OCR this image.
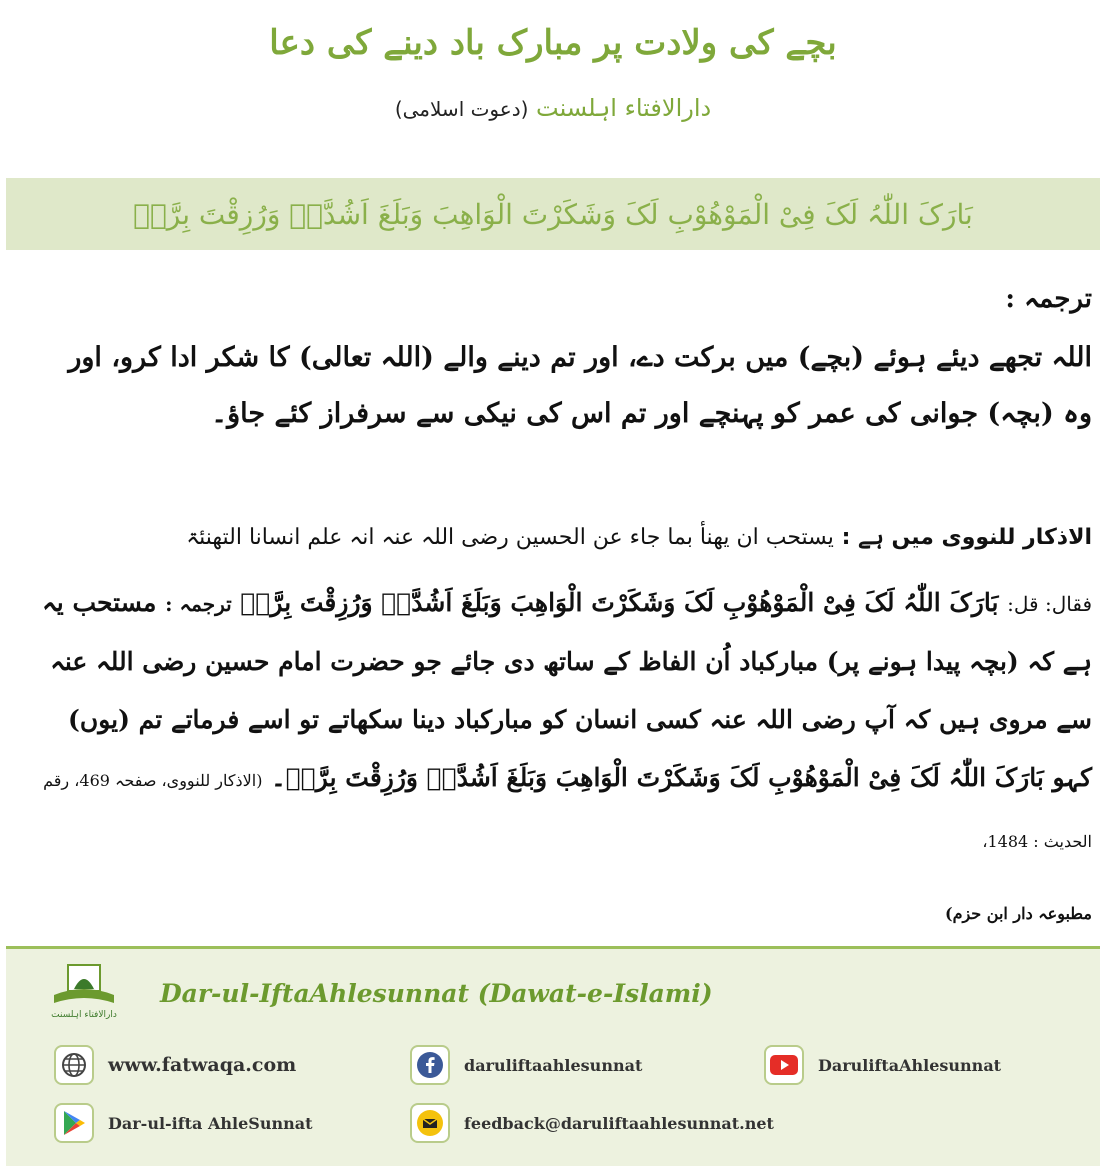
بچے کی ولادت پر مبارک باد دینے کی دعا
دارالافتاء اہلسنت (دعوت اسلامی)
بَارَکَ اللّٰہُ لَکَ فِیْ الْمَوْھُوْبِ لَکَ وَشَکَرْتَ الْوَاھِبَ وَبَلَغَ اَشُدَّہٗ وَرُزِقْتَ بِرَّہٗ
ترجمہ :
اللہ تجھے دیئے ہوئے (بچے) میں برکت دے، اور تم دینے والے (اللہ تعالی) کا شکر ادا کرو، اور وہ (بچہ) جوانی کی عمر کو پہنچے اور تم اس کی نیکی سے سرفراز کئے جاؤ۔
الاذکار للنووی میں ہے : یستحب ان یھنأ بما جاء عن الحسین رضی اللہ عنہ انہ علم انسانا التھنئۃ
فقال: قل: بَارَکَ اللّٰہُ لَکَ فِیْ الْمَوْھُوْبِ لَکَ وَشَکَرْتَ الْوَاھِبَ وَبَلَغَ اَشُدَّہٗ وَرُزِقْتَ بِرَّہٗ ترجمہ : مستحب یہ ہے کہ (بچہ پیدا ہونے پر) مبارکباد اُن الفاظ کے ساتھ دی جائے جو حضرت امام حسین رضی اللہ عنہ سے مروی ہیں کہ آپ رضی اللہ عنہ کسی انسان کو مبارکباد دینا سکھاتے تو اسے فرماتے تم (یوں) کہو بَارَکَ اللّٰہُ لَکَ فِیْ الْمَوْھُوْبِ لَکَ وَشَکَرْتَ الْوَاھِبَ وَبَلَغَ اَشُدَّہٗ وَرُزِقْتَ بِرَّہٗ۔ (الاذکار للنووی، صفحہ 469، رقم الحدیث : 1484،
مطبوعہ دار ابن حزم)
دارالافتاء اہلسنت
Dar-ul-IftaAhlesunnat (Dawat-e-Islami)
www.fatwaqa.com	daruliftaahlesunnat	DaruliftaAhlesunnat
Dar-ul-ifta AhleSunnat	feedback@daruliftaahlesunnat.net
